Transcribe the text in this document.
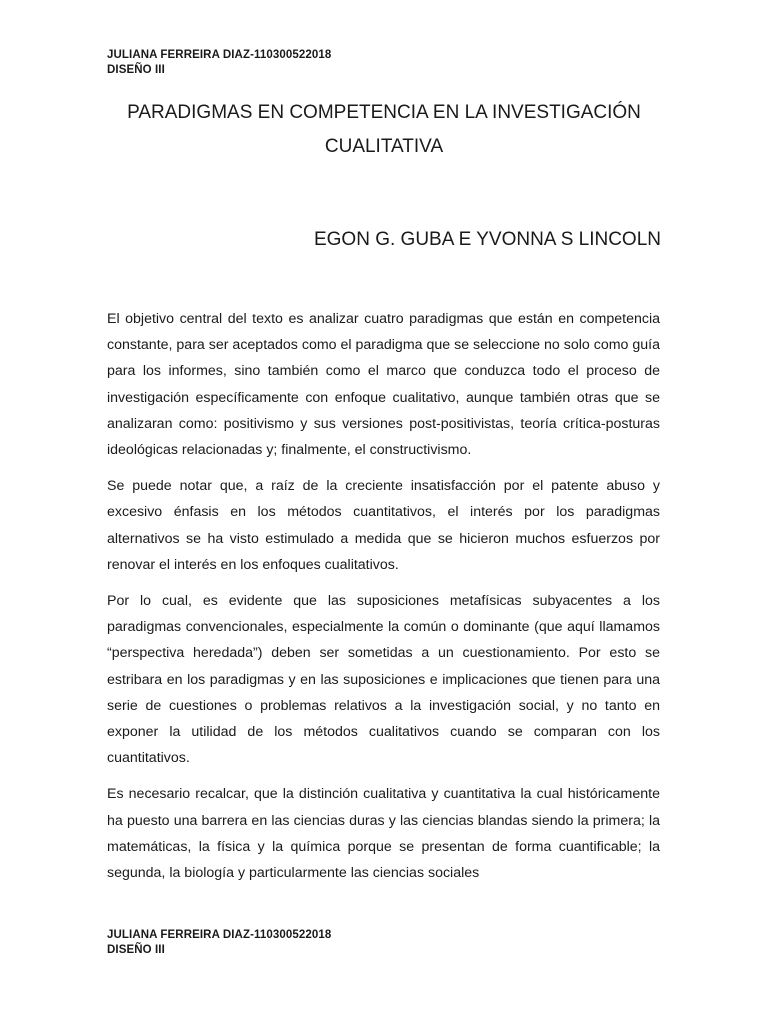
JULIANA FERREIRA DIAZ-110300522018
DISEÑO III
PARADIGMAS EN COMPETENCIA EN LA INVESTIGACIÓN CUALITATIVA
EGON G. GUBA E YVONNA S LINCOLN

El objetivo central del texto es analizar cuatro paradigmas que están en competencia constante, para ser aceptados como el paradigma que se seleccione no solo como guía para los informes, sino también como el marco que conduzca todo el proceso de investigación específicamente con enfoque cualitativo, aunque también otras que se analizaran como: positivismo y sus versiones post-positivistas, teoría crítica-posturas ideológicas relacionadas y; finalmente, el constructivismo.

Se puede notar que, a raíz de la creciente insatisfacción por el patente abuso y excesivo énfasis en los métodos cuantitativos, el interés por los paradigmas alternativos se ha visto estimulado a medida que se hicieron muchos esfuerzos por renovar el interés en los enfoques cualitativos.

Por lo cual, es evidente que las suposiciones metafísicas subyacentes a los paradigmas convencionales, especialmente la común o dominante (que aquí llamamos “perspectiva heredada”) deben ser sometidas a un cuestionamiento. Por esto se estribara en los paradigmas y en las suposiciones e implicaciones que tienen para una serie de cuestiones o problemas relativos a la investigación social, y no tanto en exponer la utilidad de los métodos cualitativos cuando se comparan con los cuantitativos.

Es necesario recalcar, que la distinción cualitativa y cuantitativa la cual históricamente ha puesto una barrera en las ciencias duras y las ciencias blandas siendo la primera; la matemáticas, la física y la química porque se presentan de forma cuantificable; la segunda, la biología y particularmente las ciencias sociales

JULIANA FERREIRA DIAZ-110300522018
DISEÑO III
